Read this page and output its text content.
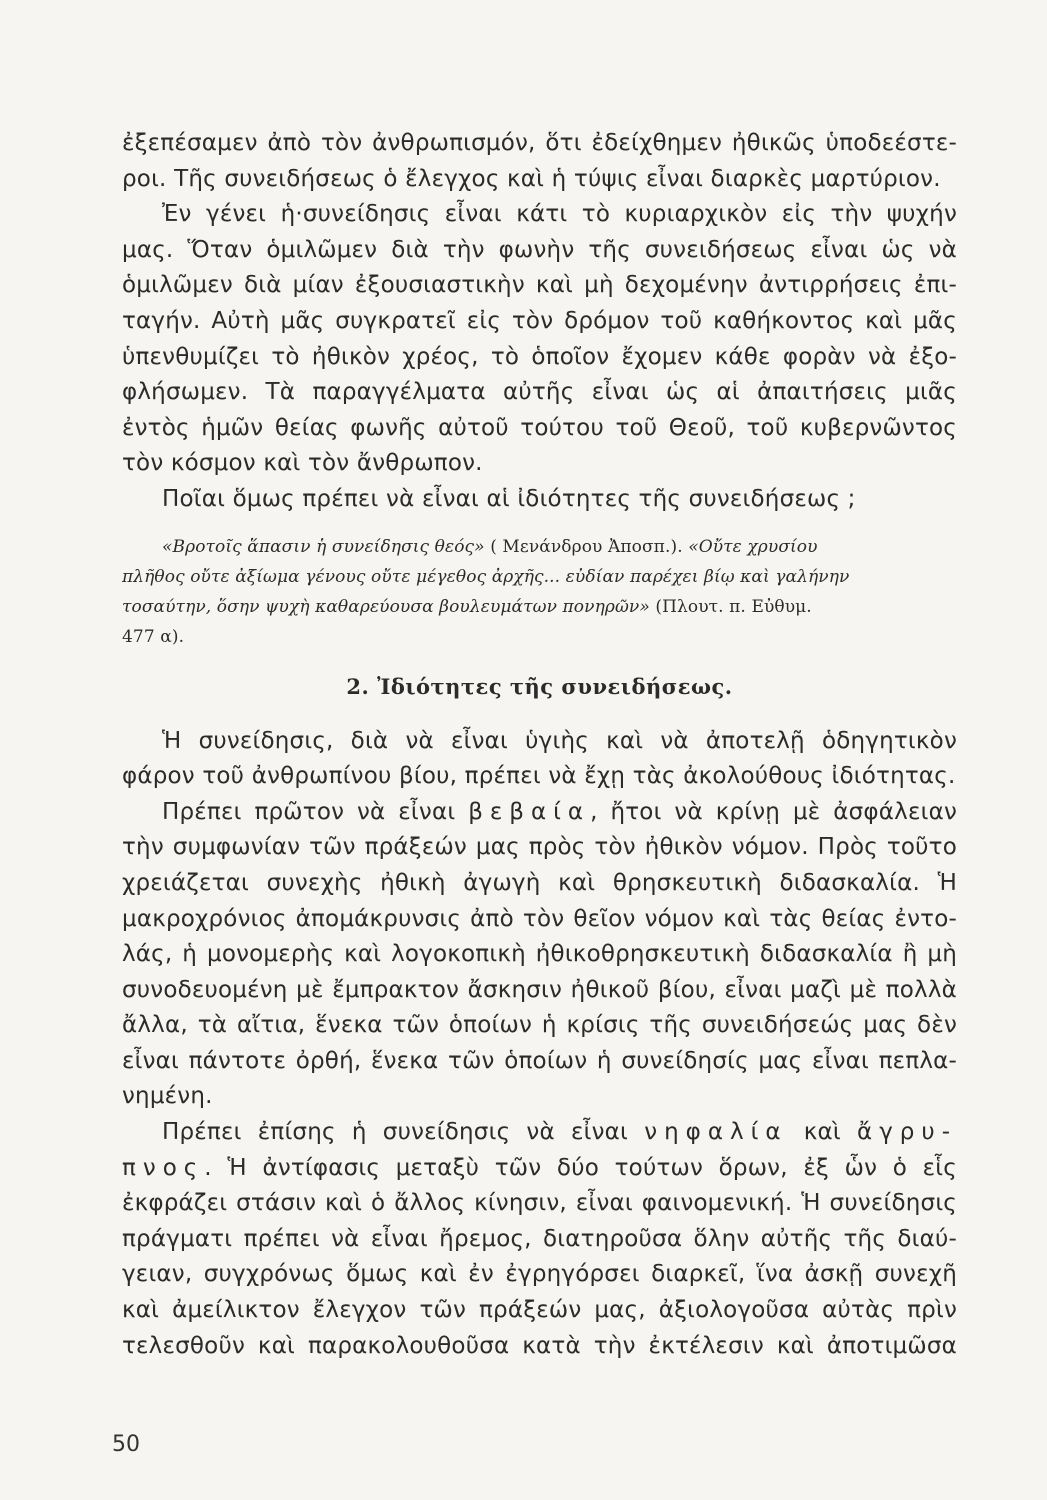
ἐξεπέσαμεν ἀπὸ τὸν ἀνθρωπισμόν, ὅτι ἐδείχθημεν ἠθικῶς ὑποδεέστε-
ροι. Τῆς συνειδήσεως ὁ ἔλεγχος καὶ ἡ τύψις εἶναι διαρκὲς μαρτύριον.
Ἐν γένει ἡ·συνείδησις εἶναι κάτι τὸ κυριαρχικὸν εἰς τὴν ψυχήν
μας. Ὅταν ὁμιλῶμεν διὰ τὴν φωνὴν τῆς συνειδήσεως εἶναι ὡς νὰ
ὁμιλῶμεν διὰ μίαν ἐξουσιαστικὴν καὶ μὴ δεχομένην ἀντιρρήσεις ἐπι-
ταγήν. Αὐτὴ μᾶς συγκρατεῖ εἰς τὸν δρόμον τοῦ καθήκοντος καὶ μᾶς
ὑπενθυμίζει τὸ ἠθικὸν χρέος, τὸ ὁποῖον ἔχομεν κάθε φορὰν νὰ ἐξο-
φλήσωμεν. Τὰ παραγγέλματα αὐτῆς εἶναι ὡς αἱ ἀπαιτήσεις μιᾶς
ἐντὸς ἡμῶν θείας φωνῆς αὐτοῦ τούτου τοῦ Θεοῦ, τοῦ κυβερνῶντος
τὸν κόσμον καὶ τὸν ἄνθρωπον.
Ποῖαι ὅμως πρέπει νὰ εἶναι αἱ ἰδιότητες τῆς συνειδήσεως ;
«Βροτοῖς ἅπασιν ἡ συνείδησις θεός» ( Μενάνδρου Ἀποσπ.). «Οὔτε χρυσίου
πλῆθος οὔτε ἀξίωμα γένους οὔτε μέγεθος ἀρχῆς... εὐδίαν παρέχει βίῳ καὶ γαλήνην
τοσαύτην, ὅσην ψυχὴ καθαρεύουσα βουλευμάτων πονηρῶν» (Πλουτ. π. Εὐθυμ.
477 α).
2. Ἰδιότητες τῆς συνειδήσεως.
Ἡ συνείδησις, διὰ νὰ εἶναι ὑγιὴς καὶ νὰ ἀποτελῇ ὁδηγητικὸν
φάρον τοῦ ἀνθρωπίνου βίου, πρέπει νὰ ἔχῃ τὰς ἀκολούθους ἰδιότητας.
Πρέπει πρῶτον νὰ εἶναι βεβαία, ἤτοι νὰ κρίνῃ μὲ ἀσφάλειαν
τὴν συμφωνίαν τῶν πράξεών μας πρὸς τὸν ἠθικὸν νόμον. Πρὸς τοῦτο
χρειάζεται συνεχὴς ἠθικὴ ἀγωγὴ καὶ θρησκευτικὴ διδασκαλία. Ἡ
μακροχρόνιος ἀπομάκρυνσις ἀπὸ τὸν θεῖον νόμον καὶ τὰς θείας ἐντο-
λάς, ἡ μονομερὴς καὶ λογοκοπικὴ ἠθικοθρησκευτικὴ διδασκαλία ἢ μὴ
συνοδευομένη μὲ ἔμπρακτον ἄσκησιν ἠθικοῦ βίου, εἶναι μαζὶ μὲ πολλὰ
ἄλλα, τὰ αἴτια, ἕνεκα τῶν ὁποίων ἡ κρίσις τῆς συνειδήσεώς μας δὲν
εἶναι πάντοτε ὀρθή, ἕνεκα τῶν ὁποίων ἡ συνείδησίς μας εἶναι πεπλα-
νημένη.
Πρέπει ἐπίσης ἡ συνείδησις νὰ εἶναι νηφαλία καὶ ἄγρυ-
πνος. Ἡ ἀντίφασις μεταξὺ τῶν δύο τούτων ὅρων, ἐξ ὧν ὁ εἷς
ἐκφράζει στάσιν καὶ ὁ ἄλλος κίνησιν, εἶναι φαινομενική. Ἡ συνείδησις
πράγματι πρέπει νὰ εἶναι ἤρεμος, διατηροῦσα ὅλην αὐτῆς τῆς διαύ-
γειαν, συγχρόνως ὅμως καὶ ἐν ἐγρηγόρσει διαρκεῖ, ἵνα ἀσκῇ συνεχῆ
καὶ ἀμείλικτον ἔλεγχον τῶν πράξεών μας, ἀξιολογοῦσα αὐτὰς πρὶν
τελεσθοῦν καὶ παρακολουθοῦσα κατὰ τὴν ἐκτέλεσιν καὶ ἀποτιμῶσα
50
